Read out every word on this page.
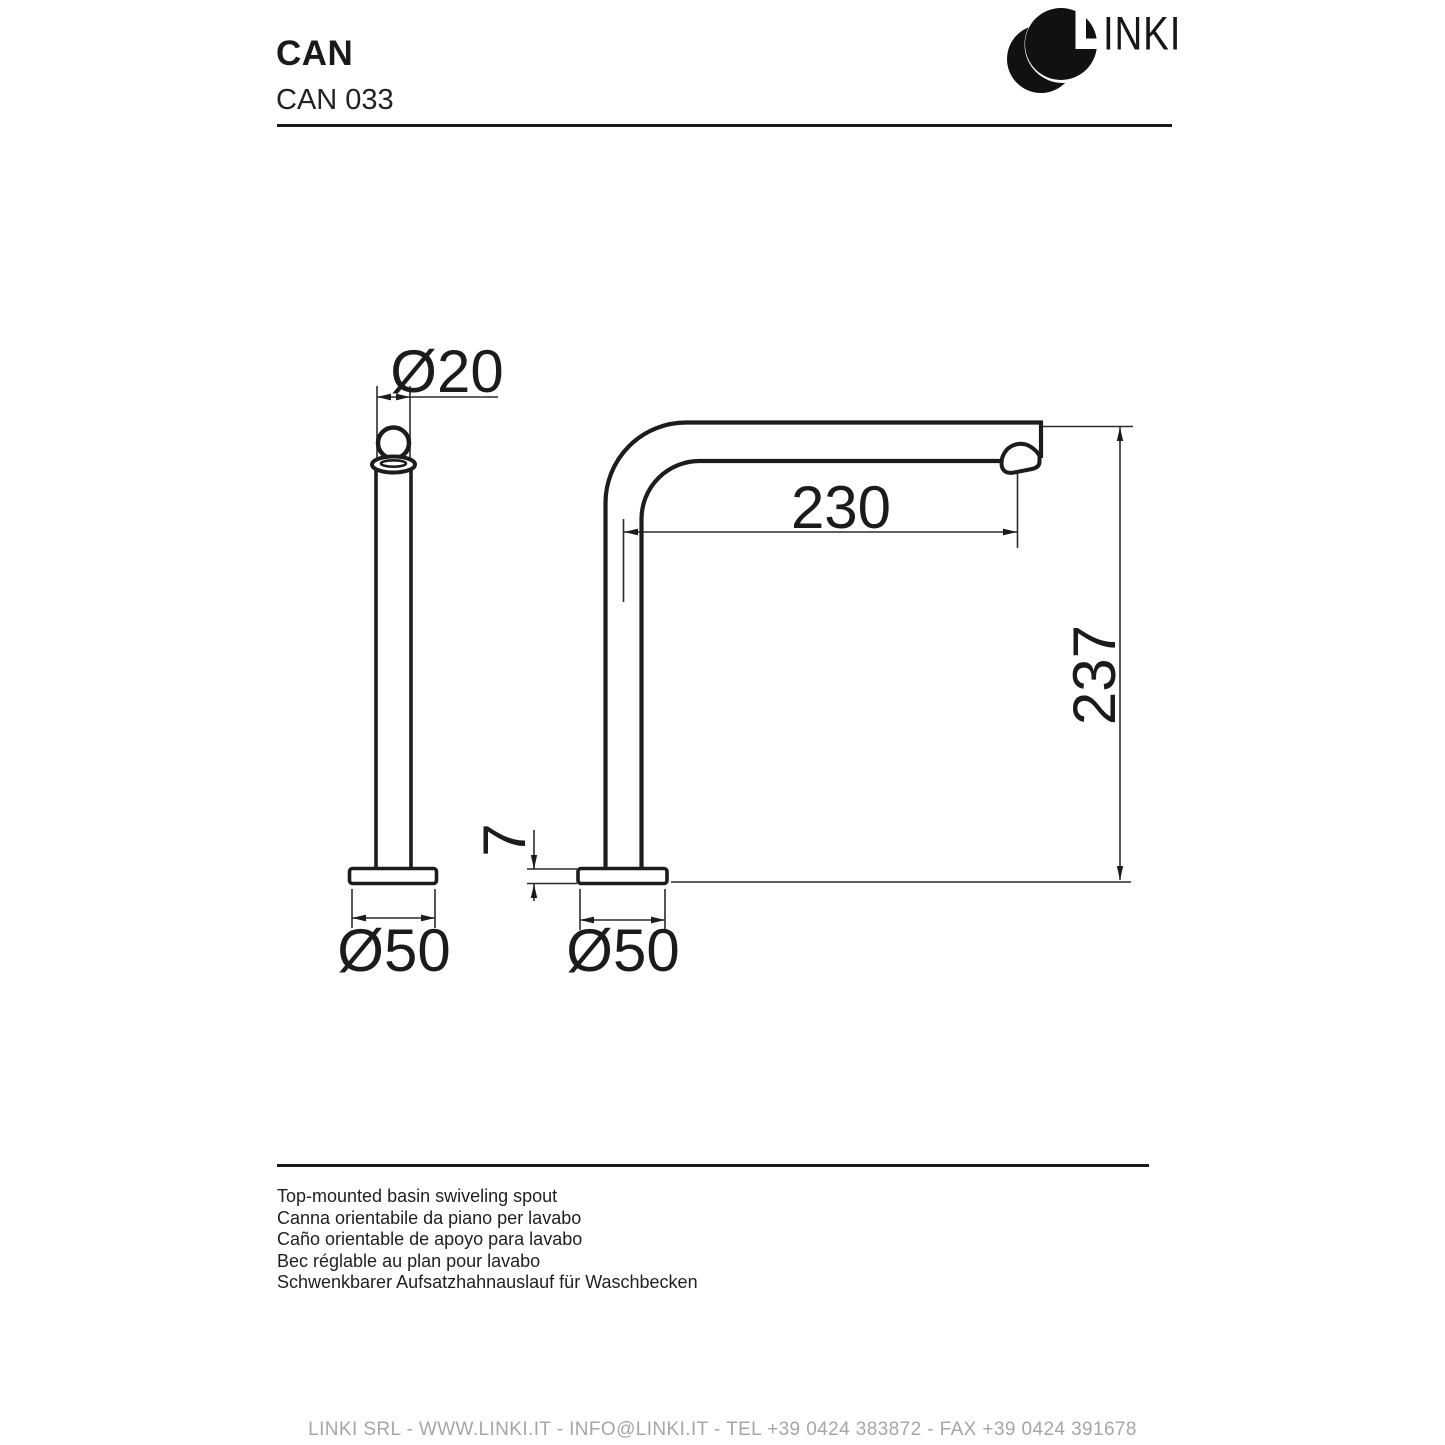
CAN
CAN 033
INKI
Ø20
Ø50 Ø50
230
237
7
Top-mounted basin swiveling spout
Canna orientabile da piano per lavabo
Caño orientable de apoyo para lavabo
Bec réglable au plan pour lavabo
Schwenkbarer Aufsatzhahnauslauf für Waschbecken
LINKI SRL - WWW.LINKI.IT - INFO@LINKI.IT - TEL +39 0424 383872 - FAX +39 0424 391678
